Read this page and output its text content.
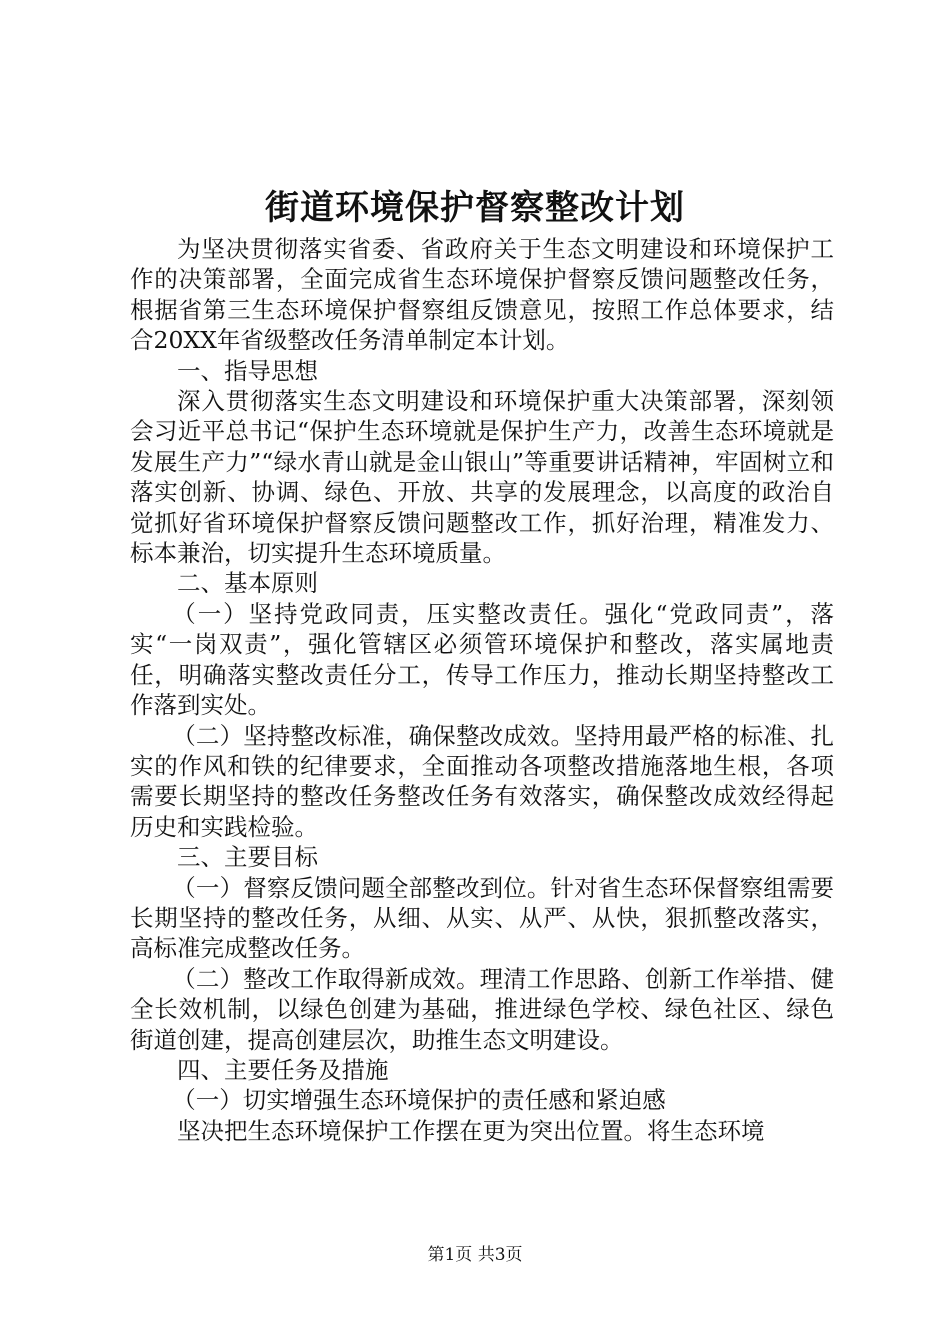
街道环境保护督察整改计划

为坚决贯彻落实省委、省政府关于生态文明建设和环境保护工作的决策部署，全面完成省生态环境保护督察反馈问题整改任务，根据省第三生态环境保护督察组反馈意见，按照工作总体要求，结合20XX年省级整改任务清单制定本计划。

一、指导思想

深入贯彻落实生态文明建设和环境保护重大决策部署，深刻领会习近平总书记“保护生态环境就是保护生产力，改善生态环境就是发展生产力”“绿水青山就是金山银山”等重要讲话精神，牢固树立和落实创新、协调、绿色、开放、共享的发展理念，以高度的政治自觉抓好省环境保护督察反馈问题整改工作，抓好治理，精准发力、标本兼治，切实提升生态环境质量。

二、基本原则

（一）坚持党政同责，压实整改责任。强化“党政同责”，落实“一岗双责”，强化管辖区必须管环境保护和整改，落实属地责任，明确落实整改责任分工，传导工作压力，推动长期坚持整改工作落到实处。

（二）坚持整改标准，确保整改成效。坚持用最严格的标准、扎实的作风和铁的纪律要求，全面推动各项整改措施落地生根，各项需要长期坚持的整改任务整改任务有效落实，确保整改成效经得起历史和实践检验。

三、主要目标

（一）督察反馈问题全部整改到位。针对省生态环保督察组需要长期坚持的整改任务，从细、从实、从严、从快，狠抓整改落实，高标准完成整改任务。

（二）整改工作取得新成效。理清工作思路、创新工作举措、健全长效机制，以绿色创建为基础，推进绿色学校、绿色社区、绿色街道创建，提高创建层次，助推生态文明建设。

四、主要任务及措施

（一）切实增强生态环境保护的责任感和紧迫感

坚决把生态环境保护工作摆在更为突出位置。将生态环境

第1页 共3页
